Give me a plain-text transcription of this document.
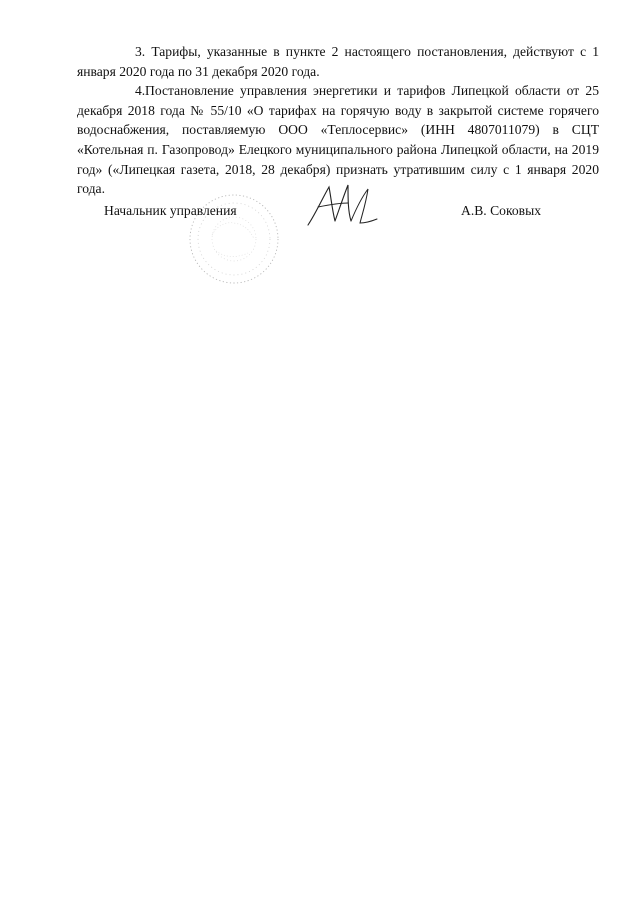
3. Тарифы, указанные в пункте 2 настоящего постановления, действуют с 1 января 2020 года по 31 декабря 2020 года.

4.Постановление управления энергетики и тарифов Липецкой области от 25 декабря 2018 года № 55/10 «О тарифах на горячую воду в закрытой системе горячего водоснабжения, поставляемую ООО «Теплосервис» (ИНН 4807011079) в СЦТ «Котельная п. Газопровод» Елецкого муниципального района Липецкой области, на 2019 год» («Липецкая газета, 2018, 28 декабря) признать утратившим силу с 1 января 2020 года.

Начальник управления	А.В. Соковых
